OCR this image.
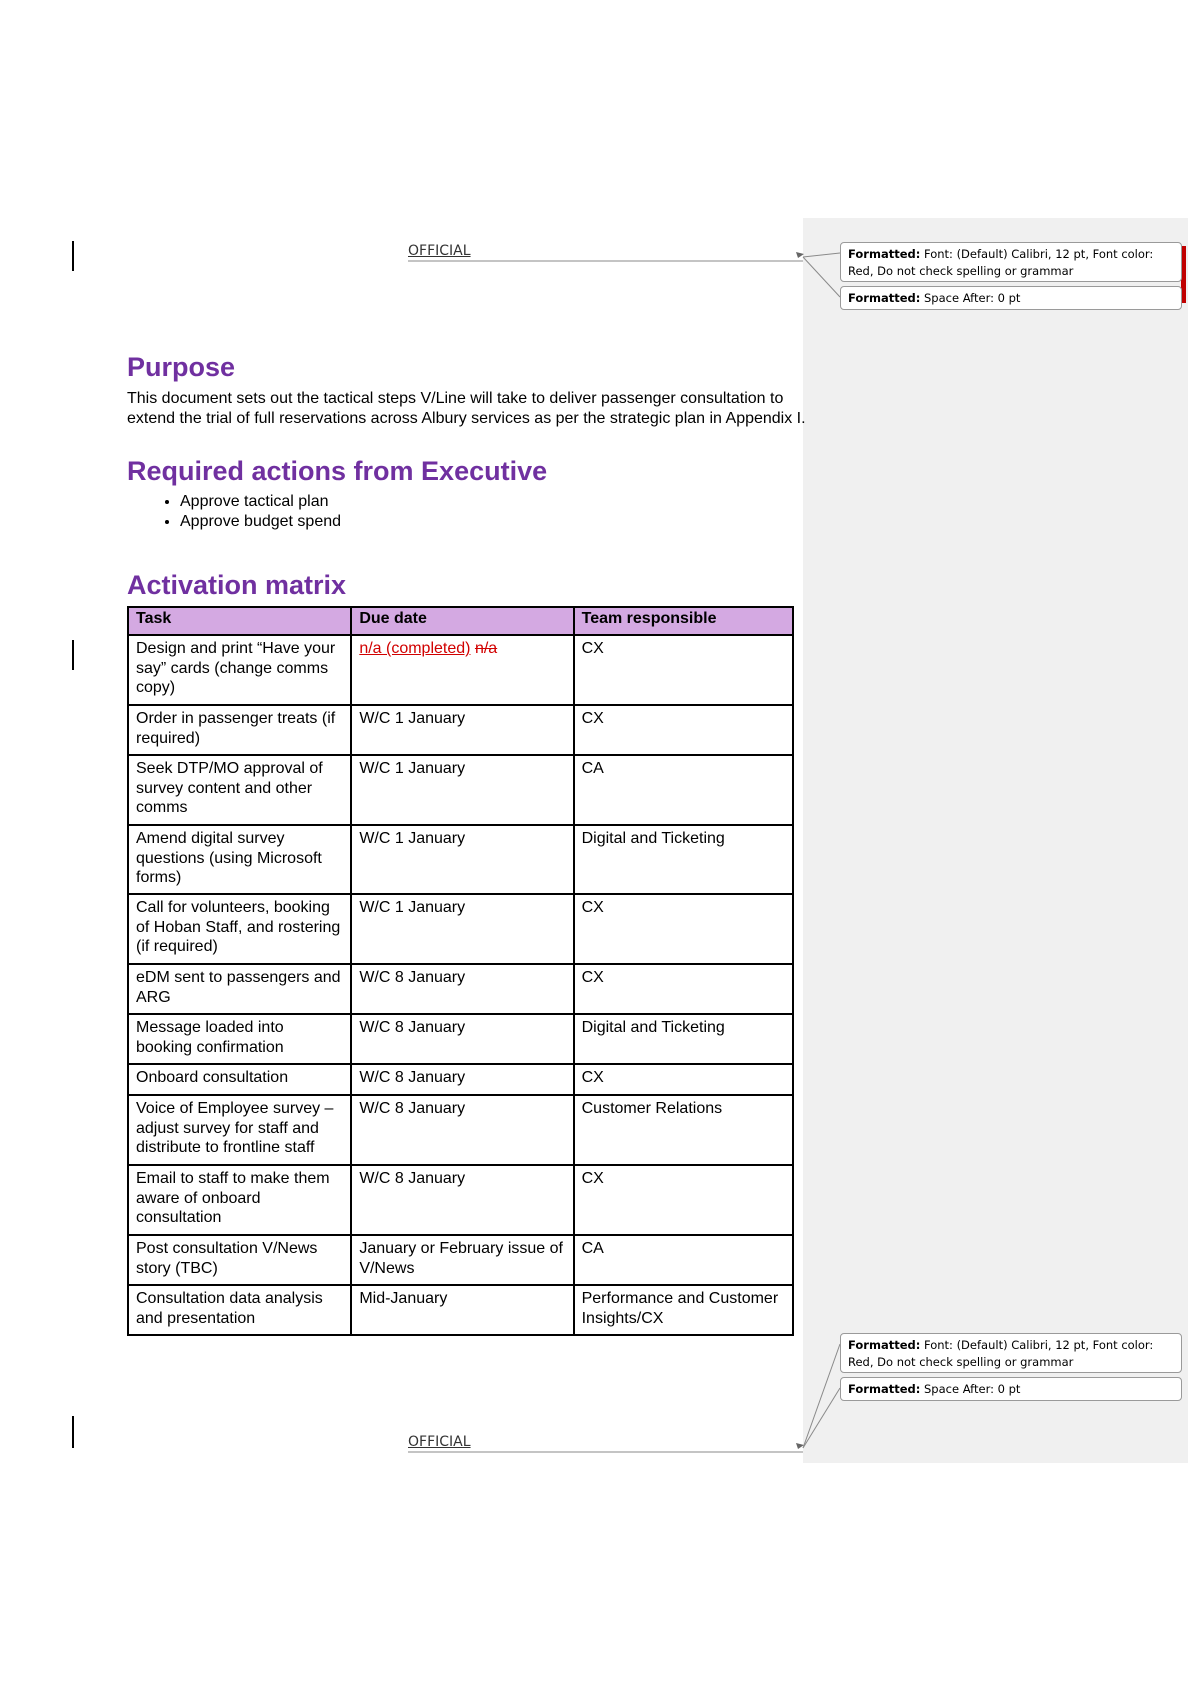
OFFICIAL
OFFICIAL
Formatted: Font: (Default) Calibri, 12 pt, Font color: Red, Do not check spelling or grammar
Formatted: Space After: 0 pt
Formatted: Font: (Default) Calibri, 12 pt, Font color: Red, Do not check spelling or grammar
Formatted: Space After: 0 pt
Purpose

This document sets out the tactical steps V/Line will take to deliver passenger consultation to extend the trial of full reservations across Albury services as per the strategic plan in Appendix I.

Required actions from Executive
• Approve tactical plan
• Approve budget spend
Activation matrix
Task	Due date	Team responsible
Design and print “Have your say” cards (change comms copy)	n/a (completed) n/a	CX
Order in passenger treats (if required)	W/C 1 January	CX
Seek DTP/MO approval of survey content and other comms	W/C 1 January	CA
Amend digital survey questions (using Microsoft forms)	W/C 1 January	Digital and Ticketing
Call for volunteers, booking of Hoban Staff, and rostering (if required)	W/C 1 January	CX
eDM sent to passengers and ARG	W/C 8 January	CX
Message loaded into booking confirmation	W/C 8 January	Digital and Ticketing
Onboard consultation	W/C 8 January	CX
Voice of Employee survey – adjust survey for staff and distribute to frontline staff	W/C 8 January	Customer Relations
Email to staff to make them aware of onboard consultation	W/C 8 January	CX
Post consultation V/News story (TBC)	January or February issue of V/News	CA
Consultation data analysis and presentation	Mid-January	Performance and Customer Insights/CX
